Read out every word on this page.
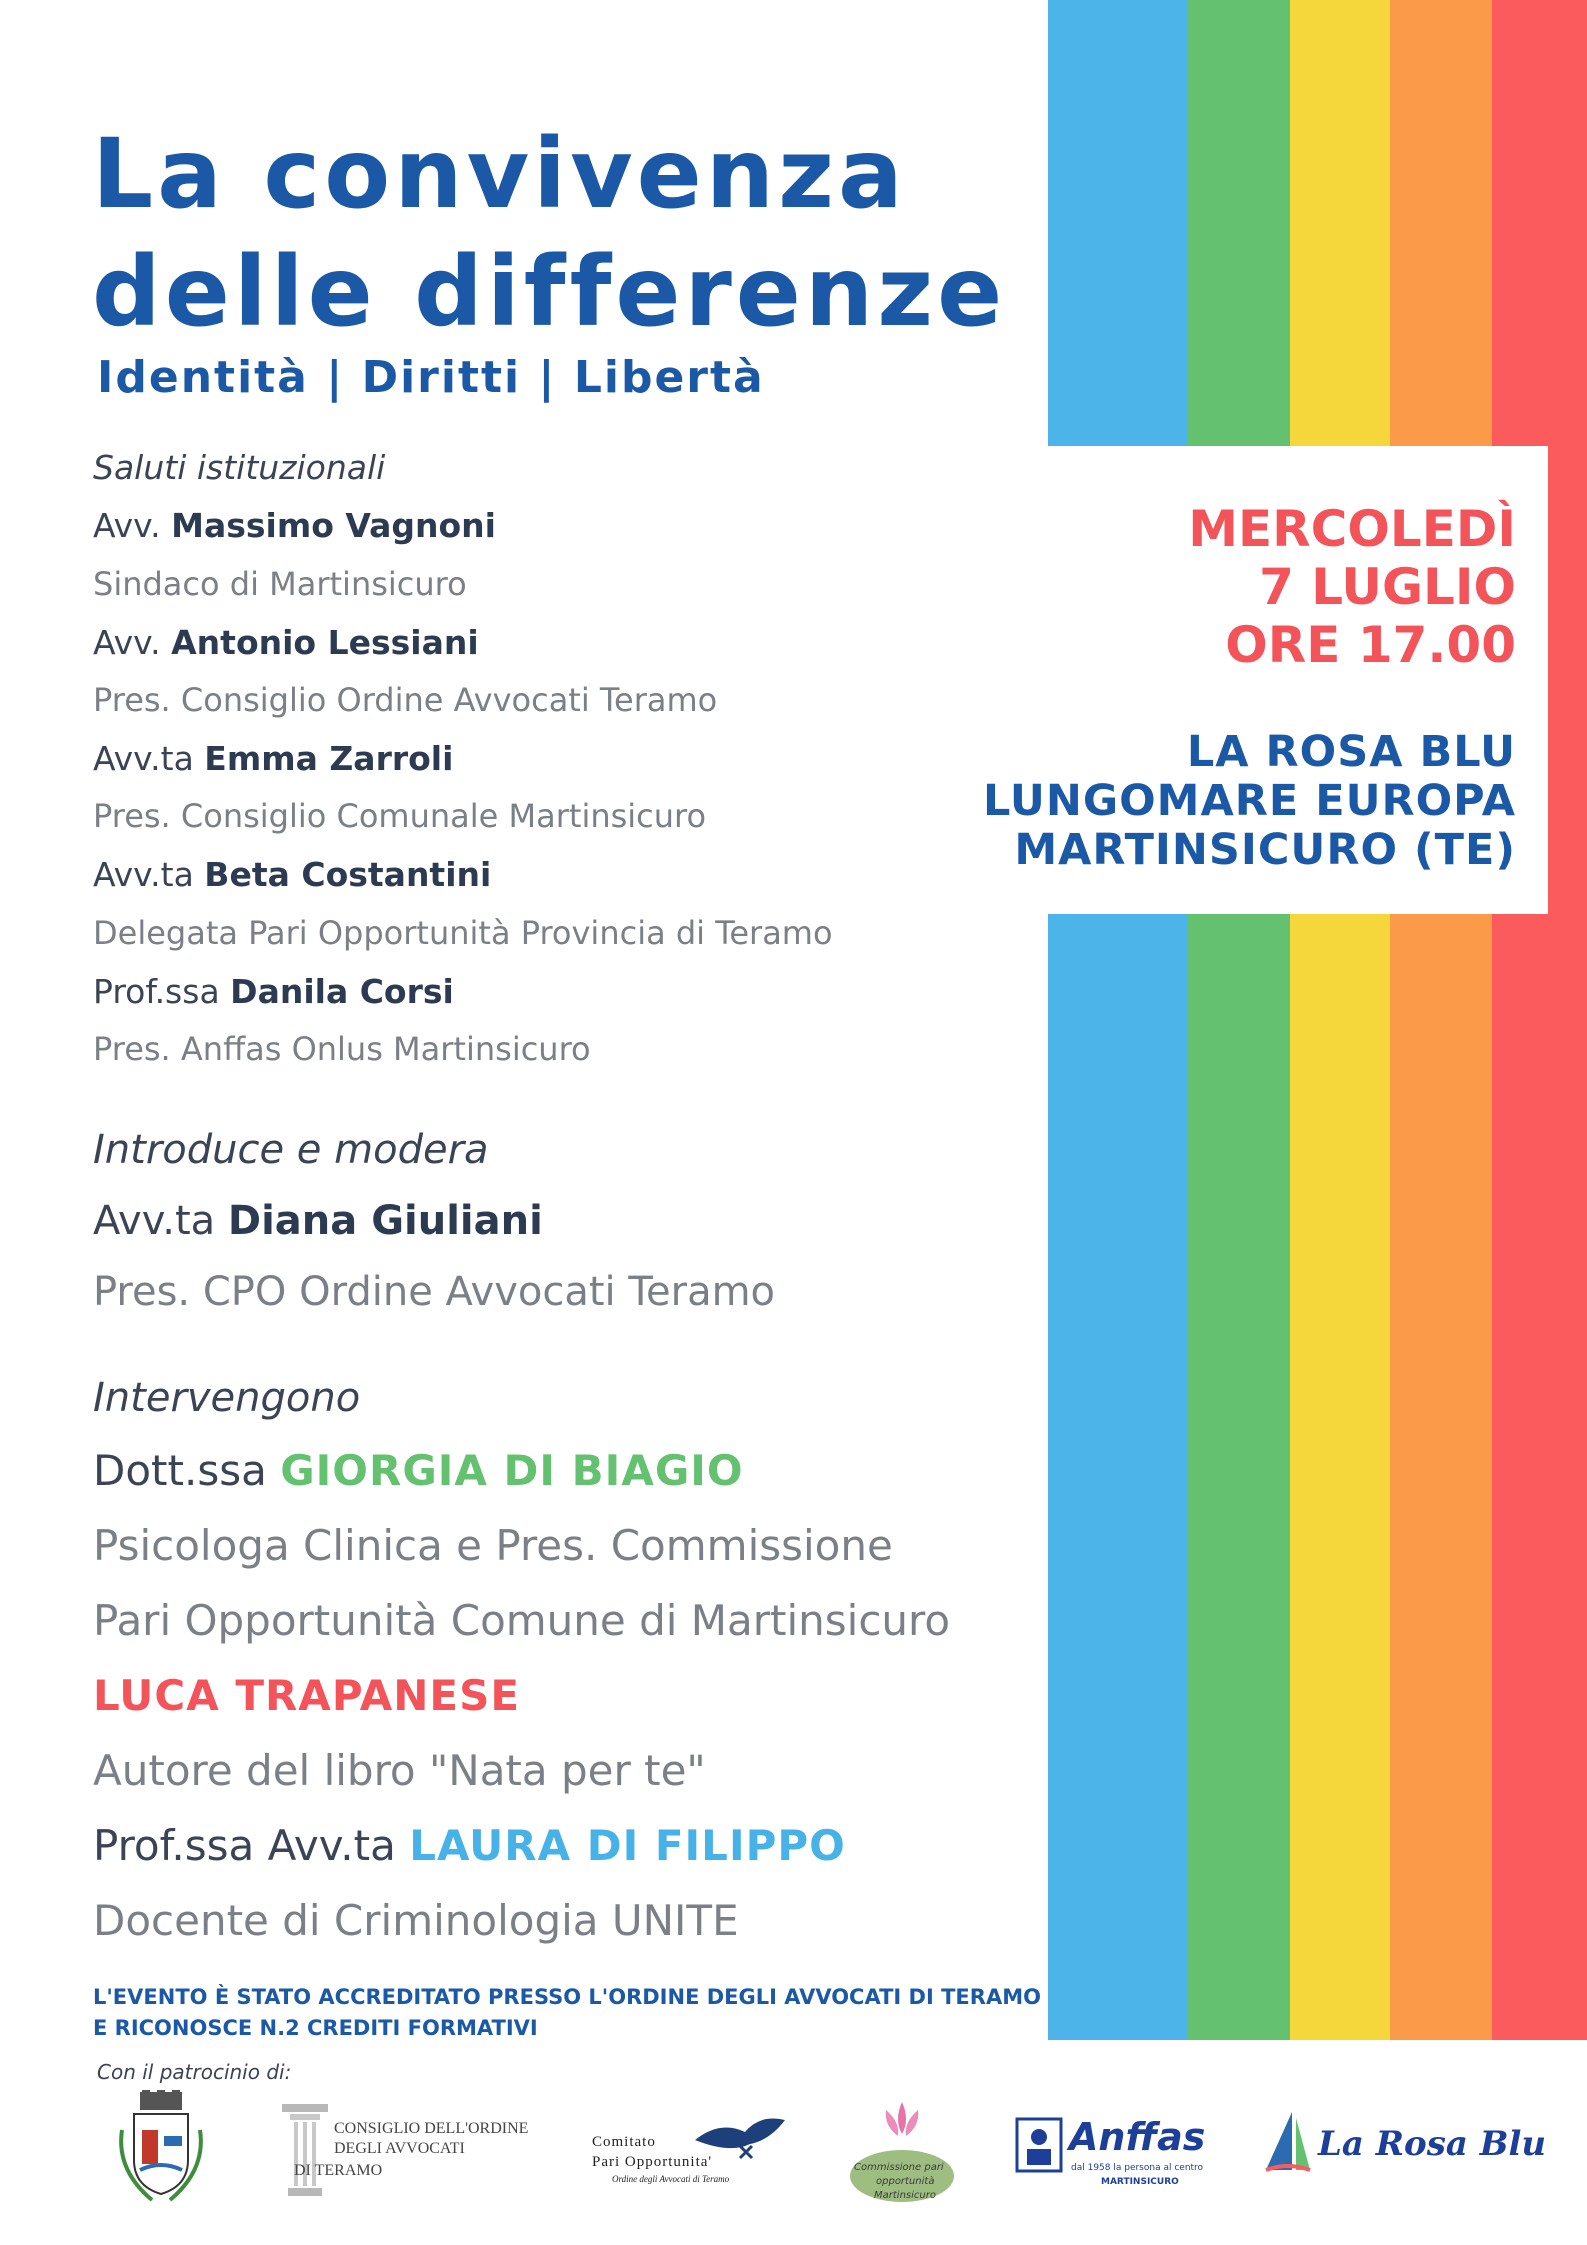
MERCOLEDÌ
7 LUGLIO
ORE 17.00
LA ROSA BLU
LUNGOMARE EUROPA
MARTINSICURO (TE)
La convivenza
delle differenze
Identità | Diritti | Libertà
Saluti istituzionali
Avv. Massimo Vagnoni
Sindaco di Martinsicuro
Avv. Antonio Lessiani
Pres. Consiglio Ordine Avvocati Teramo
Avv.ta Emma Zarroli
Pres. Consiglio Comunale Martinsicuro
Avv.ta Beta Costantini
Delegata Pari Opportunità Provincia di Teramo
Prof.ssa Danila Corsi
Pres. Anffas Onlus Martinsicuro
Introduce e modera
Avv.ta Diana Giuliani
Pres. CPO Ordine Avvocati Teramo
Intervengono
Dott.ssa GIORGIA DI BIAGIO
Psicologa Clinica e Pres. Commissione
Pari Opportunità Comune di Martinsicuro
LUCA TRAPANESE
Autore del libro "Nata per te"
Prof.ssa Avv.ta LAURA DI FILIPPO
Docente di Criminologia UNITE
L'EVENTO È STATO ACCREDITATO PRESSO L'ORDINE DEGLI AVVOCATI DI TERAMO
E RICONOSCE N.2 CREDITI FORMATIVI
Con il patrocinio di:
CONSIGLIO DELL'ORDINE
DEGLI AVVOCATI
DI TERAMO
Comitato
Pari Opportunita'
Ordine degli Avvocati di Teramo
Commissione pari
opportunità
Martinsicuro
Anffas
dal 1958 la persona al centro
MARTINSICURO
La Rosa Blu
